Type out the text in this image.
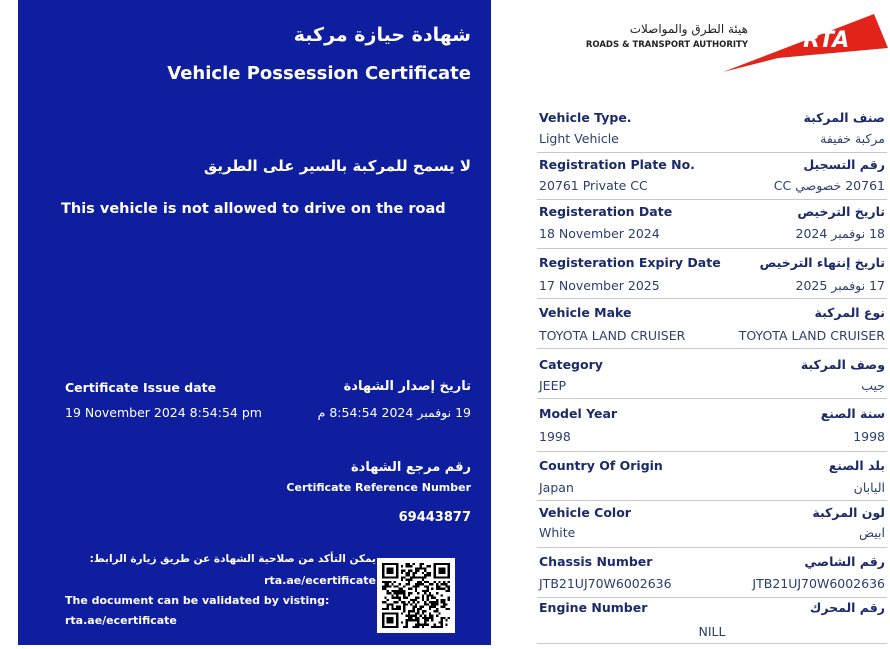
شهادة حيازة مركبة
Vehicle Possession Certificate
لا يسمح للمركبة بالسير على الطريق
This vehicle is not allowed to drive on the road
Certificate Issue date	تاريخ إصدار الشهادة
19 November 2024 8:54:54 pm	19 نوفمبر 2024 8:54:54 م
رقم مرجع الشهادة
Certificate Reference Number
69443877
يمكن التأكد من صلاحية الشهادة عن طريق زيارة الرابط:
rta.ae/ecertificate
The document can be validated by visting:
rta.ae/ecertificate
هيئة الطرق والمواصلات
ROADS & TRANSPORT AUTHORITY	RTA
Vehicle Type.	صنف المركبة
Light Vehicle	مركبة خفيفة
Registration Plate No.	رقم التسجيل
20761 Private CC	20761 خصوصي CC
Registeration Date	تاريخ الترخيص
18 November 2024	18 نوفمبر 2024
Registeration Expiry Date	تاريخ إنتهاء الترخيص
17 November 2025	17 نوفمبر 2025
Vehicle Make	نوع المركبة
TOYOTA LAND CRUISER	TOYOTA LAND CRUISER
Category	وصف المركبة
JEEP	جيب
Model Year	سنة الصنع
1998	1998
Country Of Origin	بلد الصنع
Japan	اليابان
Vehicle Color	لون المركبة
White	ابيض
Chassis Number	رقم الشاصي
JTB21UJ70W6002636	JTB21UJ70W6002636
Engine Number	رقم المحرك
NILL
